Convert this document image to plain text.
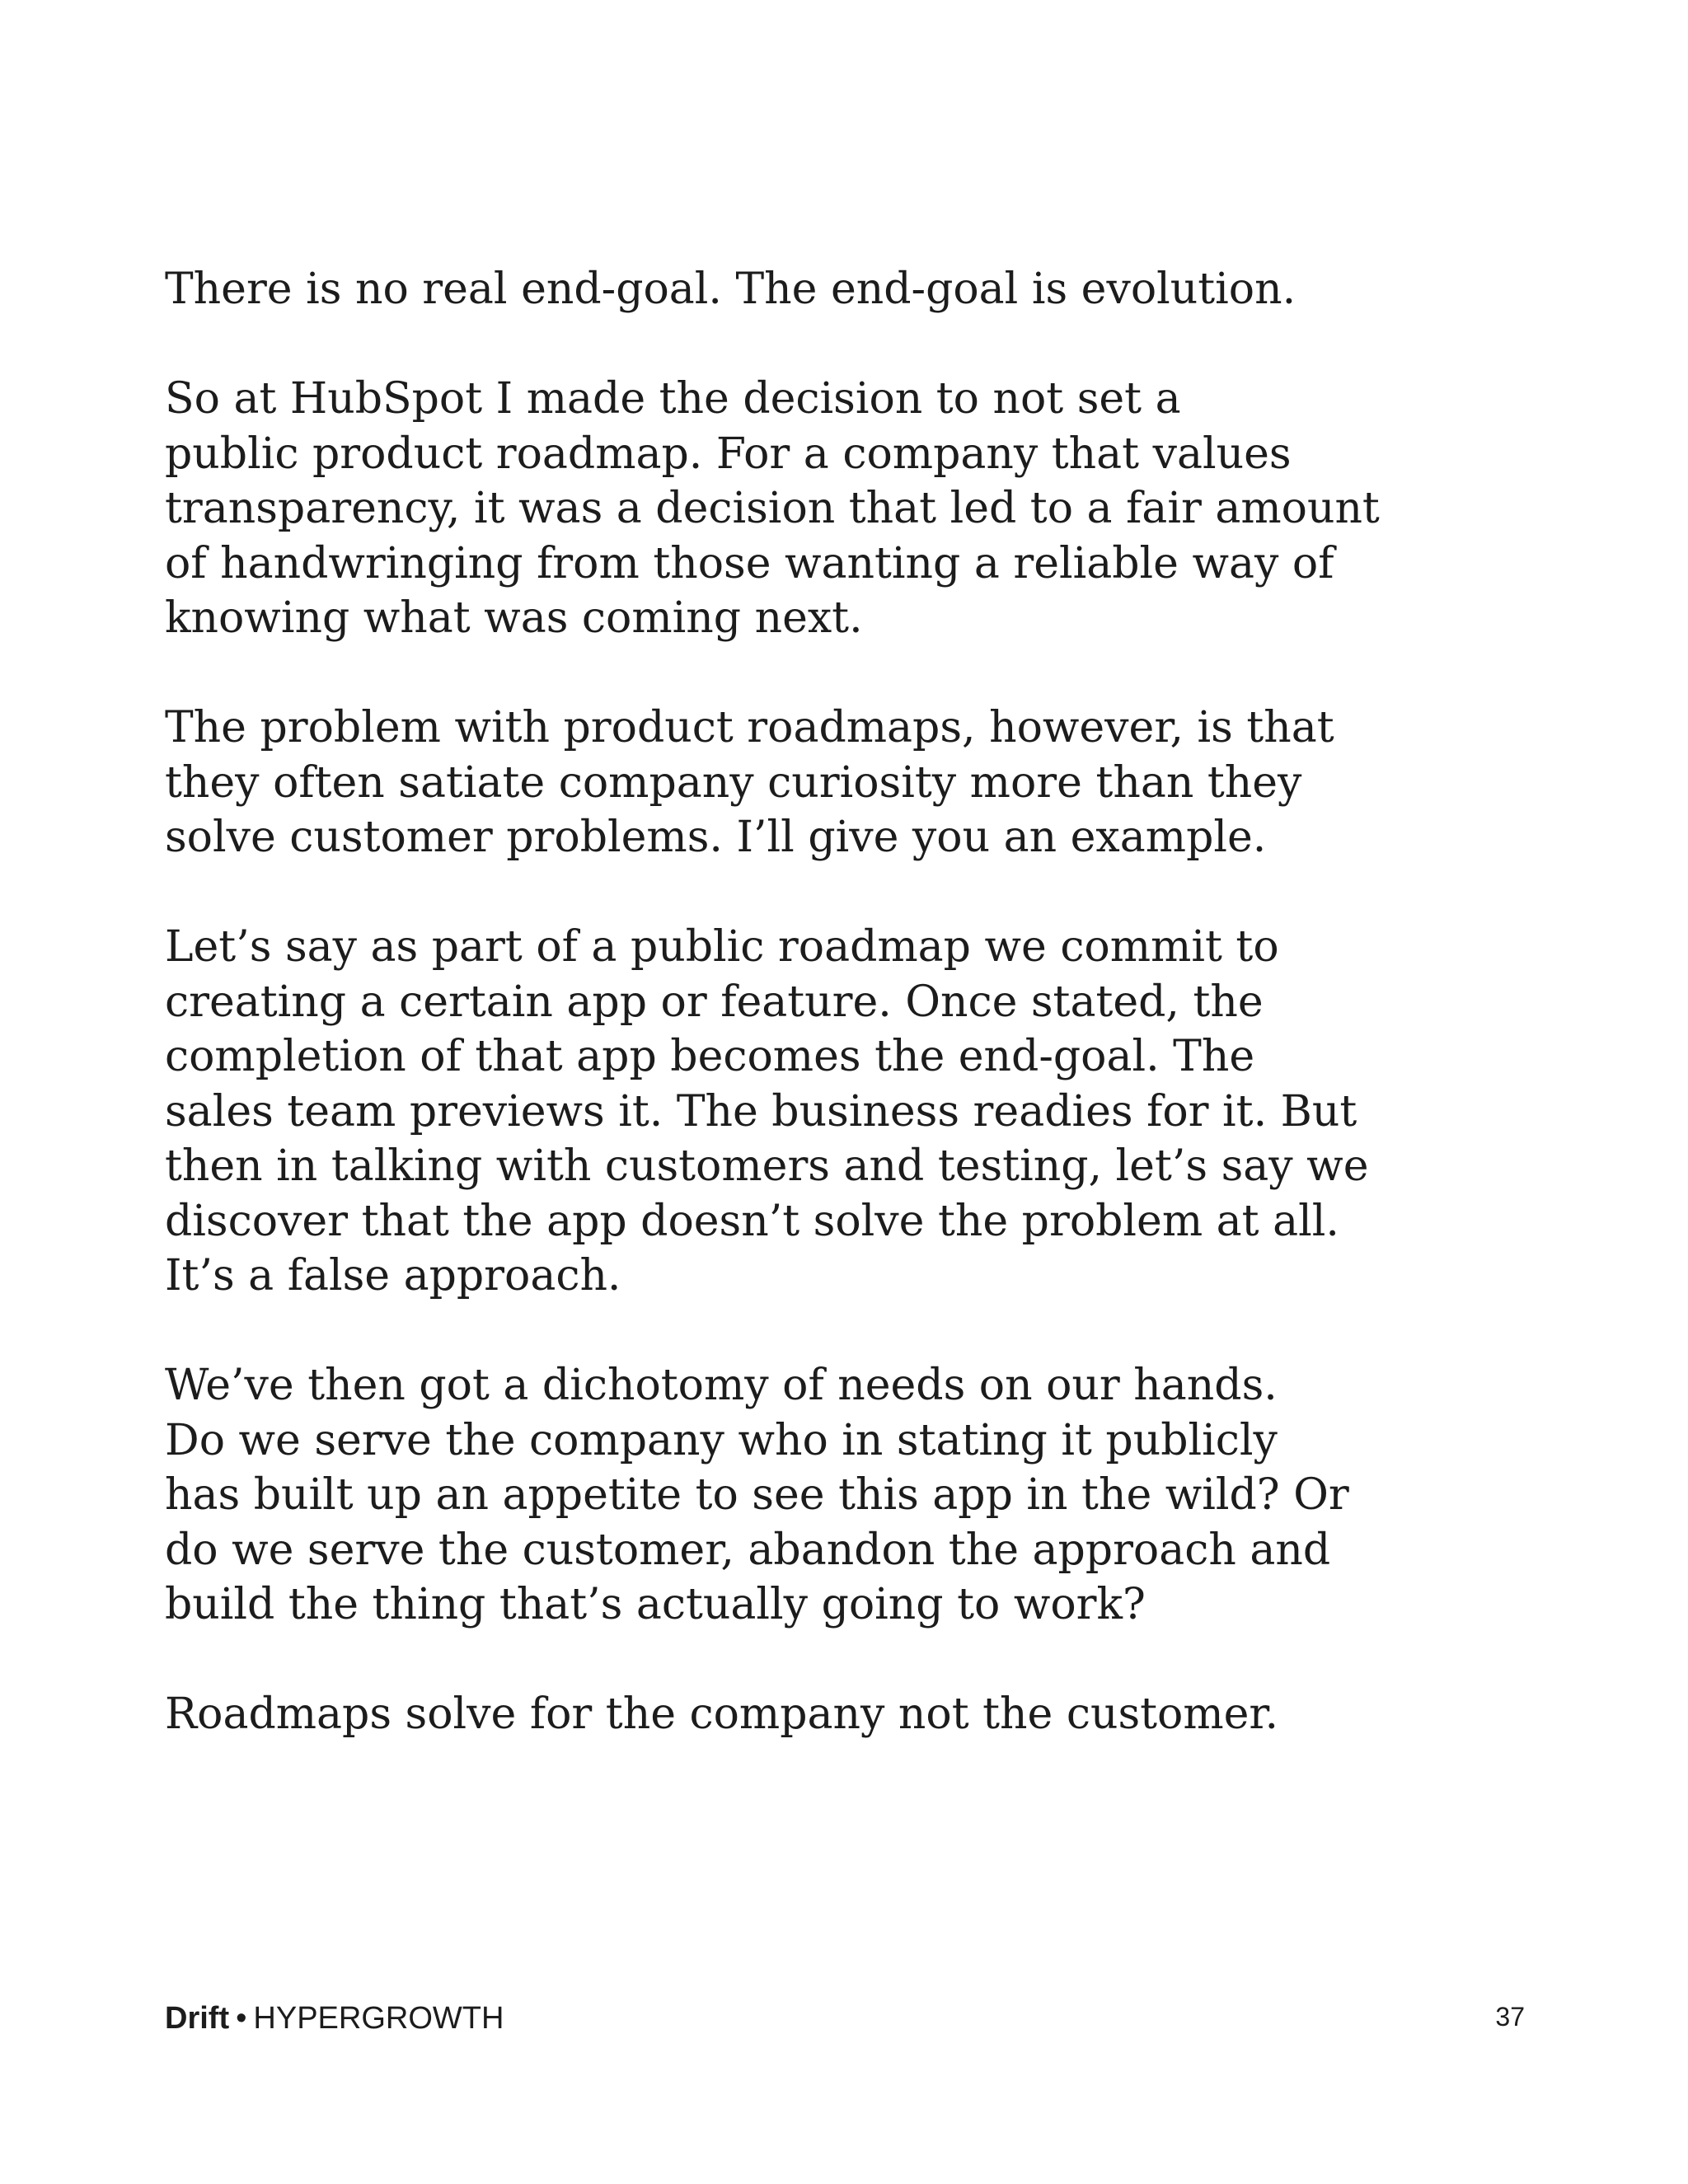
There is no real end-goal. The end-goal is evolution.

So at HubSpot I made the decision to not set a
public product roadmap. For a company that values
transparency, it was a decision that led to a fair amount
of handwringing from those wanting a reliable way of
knowing what was coming next.

The problem with product roadmaps, however, is that
they often satiate company curiosity more than they
solve customer problems. I’ll give you an example.

Let’s say as part of a public roadmap we commit to
creating a certain app or feature. Once stated, the
completion of that app becomes the end-goal. The
sales team previews it. The business readies for it. But
then in talking with customers and testing, let’s say we
discover that the app doesn’t solve the problem at all.
It’s a false approach.

We’ve then got a dichotomy of needs on our hands.
Do we serve the company who in stating it publicly
has built up an appetite to see this app in the wild? Or
do we serve the customer, abandon the approach and
build the thing that’s actually going to work?

Roadmaps solve for the company not the customer.

Drift • HYPERGROWTH	37
